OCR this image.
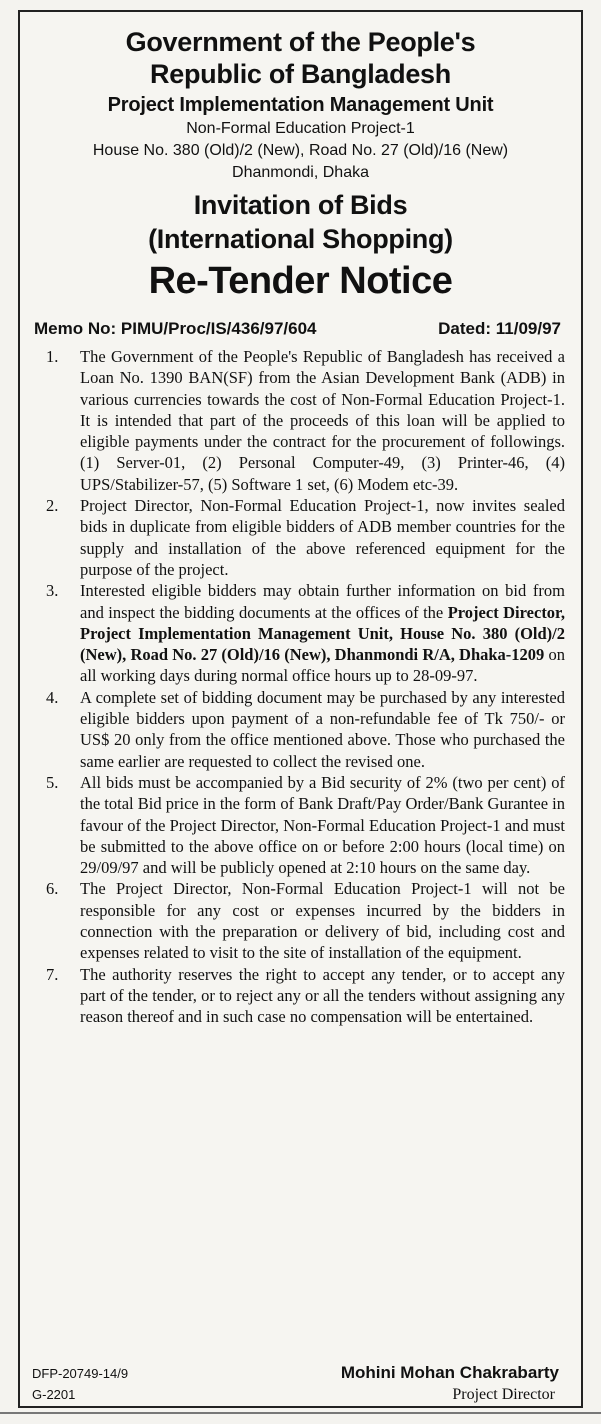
Government of the People's
Republic of Bangladesh
Project Implementation Management Unit
Non-Formal Education Project-1
House No. 380 (Old)/2 (New), Road No. 27 (Old)/16 (New)
Dhanmondi, Dhaka
Invitation of Bids
(International Shopping)
Re-Tender Notice
Memo No: PIMU/Proc/IS/436/97/604	Dated: 11/09/97
1.	The Government of the People's Republic of Bangladesh has received a Loan No. 1390 BAN(SF) from the Asian Development Bank (ADB) in various currencies towards the cost of Non-Formal Education Project-1. It is intended that part of the proceeds of this loan will be applied to eligible payments under the contract for the procurement of followings. (1) Server-01, (2) Personal Computer-49, (3) Printer-46, (4) UPS/Stabilizer-57, (5) Software 1 set, (6) Modem etc-39.
2.	Project Director, Non-Formal Education Project-1, now invites sealed bids in duplicate from eligible bidders of ADB member countries for the supply and installation of the above referenced equipment for the purpose of the project.
3.	Interested eligible bidders may obtain further information on bid from and inspect the bidding documents at the offices of the Project Director, Project Implementation Management Unit, House No. 380 (Old)/2 (New), Road No. 27 (Old)/16 (New), Dhanmondi R/A, Dhaka-1209 on all working days during normal office hours up to 28-09-97.
4.	A complete set of bidding document may be purchased by any interested eligible bidders upon payment of a non-refundable fee of Tk 750/- or US$ 20 only from the office mentioned above. Those who purchased the same earlier are requested to collect the revised one.
5.	All bids must be accompanied by a Bid security of 2% (two per cent) of the total Bid price in the form of Bank Draft/Pay Order/Bank Gurantee in favour of the Project Director, Non-Formal Education Project-1 and must be submitted to the above office on or before 2:00 hours (local time) on 29/09/97 and will be publicly opened at 2:10 hours on the same day.
6.	The Project Director, Non-Formal Education Project-1 will not be responsible for any cost or expenses incurred by the bidders in connection with the preparation or delivery of bid, including cost and expenses related to visit to the site of installation of the equipment.
7.	The authority reserves the right to accept any tender, or to accept any part of the tender, or to reject any or all the tenders without assigning any reason thereof and in such case no compensation will be entertained.
DFP-20749-14/9	Mohini Mohan Chakrabarty
G-2201	Project Director
